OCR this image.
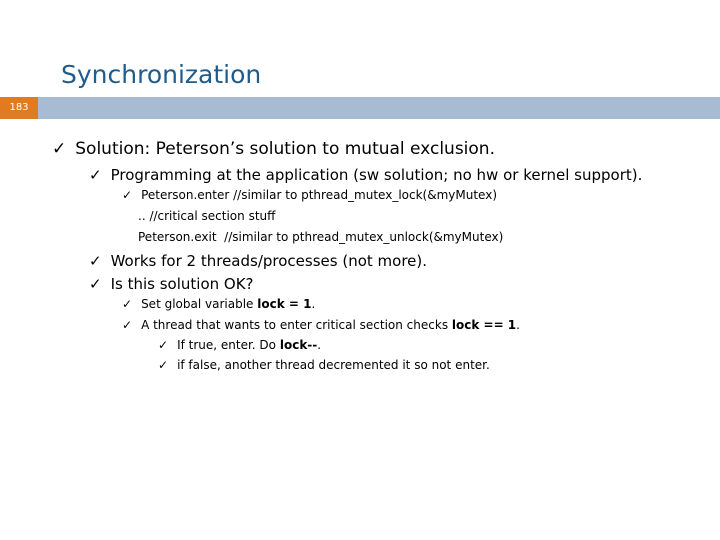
Synchronization
183
✓ Solution: Peterson’s solution to mutual exclusion.
✓ Programming at the application (sw solution; no hw or kernel support).
✓ Peterson.enter //similar to pthread_mutex_lock(&myMutex)
.. //critical section stuff
Peterson.exit  //similar to pthread_mutex_unlock(&myMutex)
✓ Works for 2 threads/processes (not more).
✓ Is this solution OK?
✓ Set global variable lock = 1.
✓ A thread that wants to enter critical section checks lock == 1.
✓ If true, enter. Do lock--.
✓ if false, another thread decremented it so not enter.
